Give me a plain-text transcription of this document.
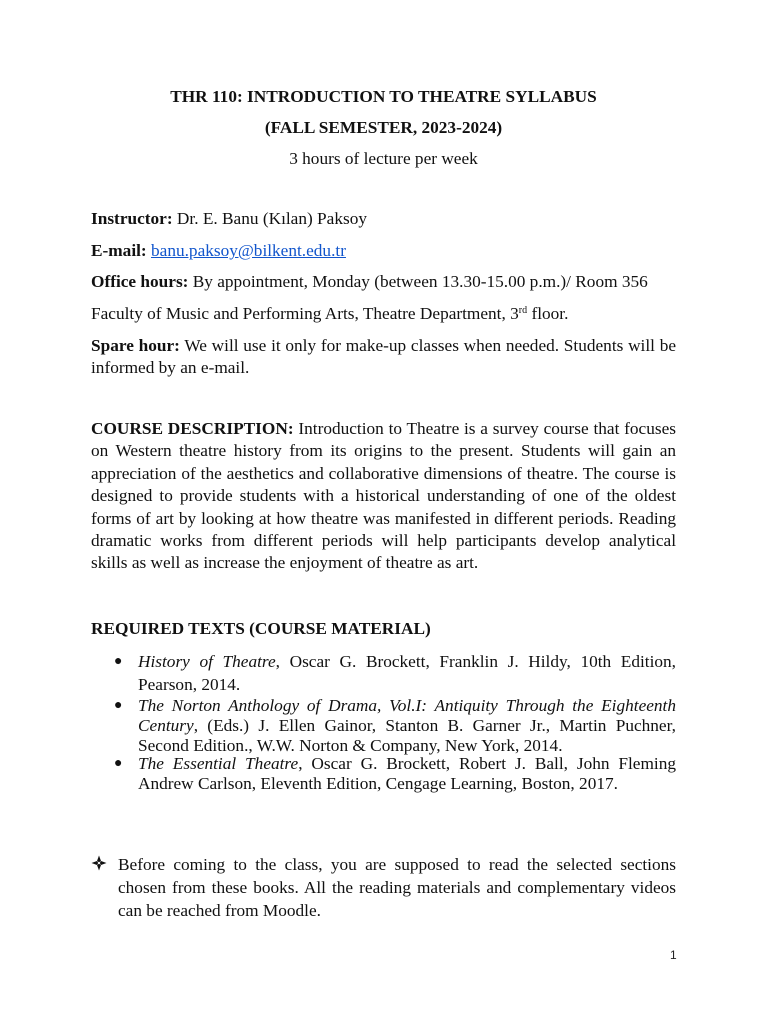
THR 110: INTRODUCTION TO THEATRE SYLLABUS
(FALL SEMESTER, 2023-2024)
3 hours of lecture per week
Instructor: Dr. E. Banu (Kılan) Paksoy
E-mail: banu.paksoy@bilkent.edu.tr
Office hours: By appointment, Monday (between 13.30-15.00 p.m.)/ Room 356
Faculty of Music and Performing Arts, Theatre Department, 3rd floor.
Spare hour: We will use it only for make-up classes when needed. Students will be informed by an e-mail.
COURSE DESCRIPTION: Introduction to Theatre is a survey course that focuses on Western theatre history from its origins to the present. Students will gain an appreciation of the aesthetics and collaborative dimensions of theatre. The course is designed to provide students with a historical understanding of one of the oldest forms of art by looking at how theatre was manifested in different periods. Reading dramatic works from different periods will help participants develop analytical skills as well as increase the enjoyment of theatre as art.
REQUIRED TEXTS (COURSE MATERIAL)
● History of Theatre, Oscar G. Brockett, Franklin J. Hildy, 10th Edition, Pearson, 2014.
● The Norton Anthology of Drama, Vol.I: Antiquity Through the Eighteenth Century, (Eds.) J. Ellen Gainor, Stanton B. Garner Jr., Martin Puchner, Second Edition., W.W. Norton & Company, New York, 2014.
● The Essential Theatre, Oscar G. Brockett, Robert J. Ball, John Fleming Andrew Carlson, Eleventh Edition, Cengage Learning, Boston, 2017.
Before coming to the class, you are supposed to read the selected sections chosen from these books. All the reading materials and complementary videos can be reached from Moodle.
1
